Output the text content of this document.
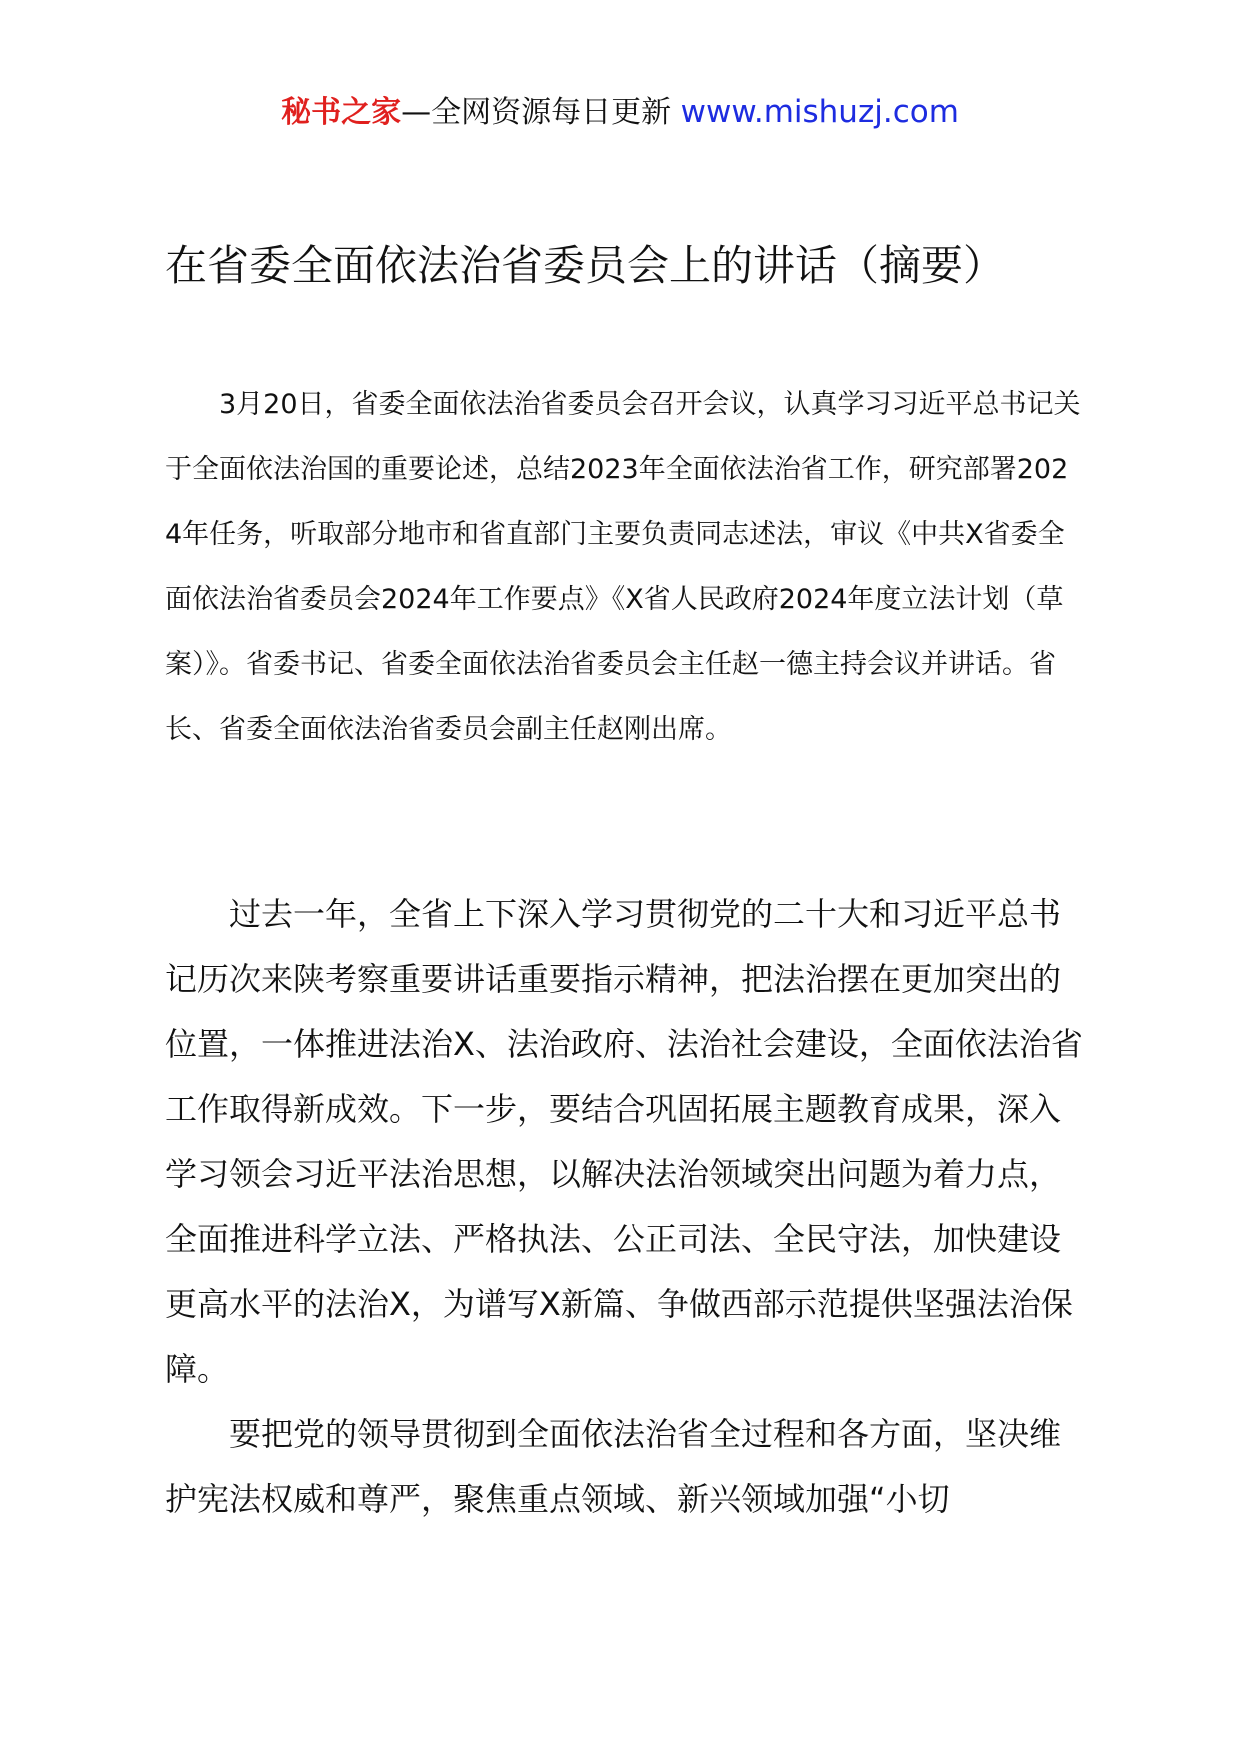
秘书之家—全网资源每日更新 www.mishuzj.com
在省委全面依法治省委员会上的讲话（摘要）

3月20日，省委全面依法治省委员会召开会议，认真学习习近平总书记关于全面依法治国的重要论述，总结2023年全面依法治省工作，研究部署2024年任务，听取部分地市和省直部门主要负责同志述法，审议《中共X省委全面依法治省委员会2024年工作要点》《X省人民政府2024年度立法计划（草案）》。省委书记、省委全面依法治省委员会主任赵一德主持会议并讲话。省长、省委全面依法治省委员会副主任赵刚出席。

过去一年，全省上下深入学习贯彻党的二十大和习近平总书记历次来陕考察重要讲话重要指示精神，把法治摆在更加突出的位置，一体推进法治X、法治政府、法治社会建设，全面依法治省工作取得新成效。下一步，要结合巩固拓展主题教育成果，深入学习领会习近平法治思想，以解决法治领域突出问题为着力点，全面推进科学立法、严格执法、公正司法、全民守法，加快建设更高水平的法治X，为谱写X新篇、争做西部示范提供坚强法治保障。

要把党的领导贯彻到全面依法治省全过程和各方面，坚决维护宪法权威和尊严，聚焦重点领域、新兴领域加强“小切
